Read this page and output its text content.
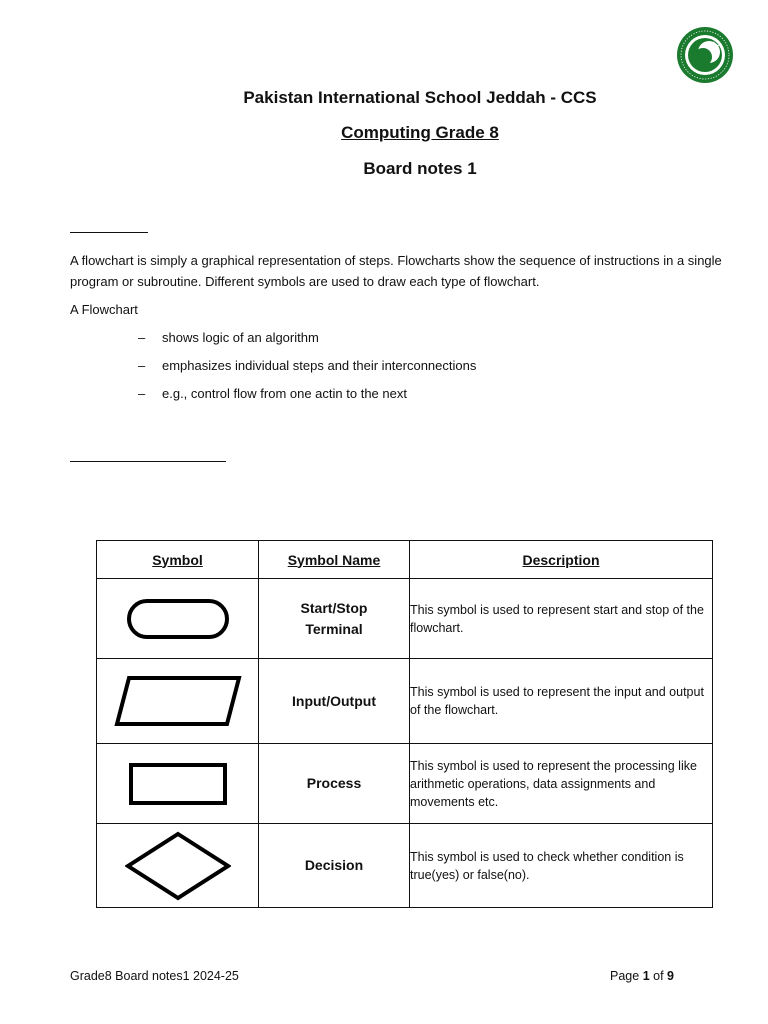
Pakistan International School Jeddah - CCS
Computing Grade 8
Board notes 1
A flowchart is simply a graphical representation of steps. Flowcharts show the sequence of instructions in a single program or subroutine. Different symbols are used to draw each type of flowchart.
A Flowchart
– shows logic of an algorithm
– emphasizes individual steps and their interconnections
– e.g., control flow from one actin to the next
Symbol	Symbol Name	Description

Start/Stop
Terminal	This symbol is used to represent start and stop of the flowchart.

Input/Output	This symbol is used to represent the input and output of the flowchart.

Process	This symbol is used to represent the processing like arithmetic operations, data assignments and movements etc.

Decision	This symbol is used to check whether condition is true(yes) or false(no).
Grade8 Board notes1 2024-25	Page 1 of 9
